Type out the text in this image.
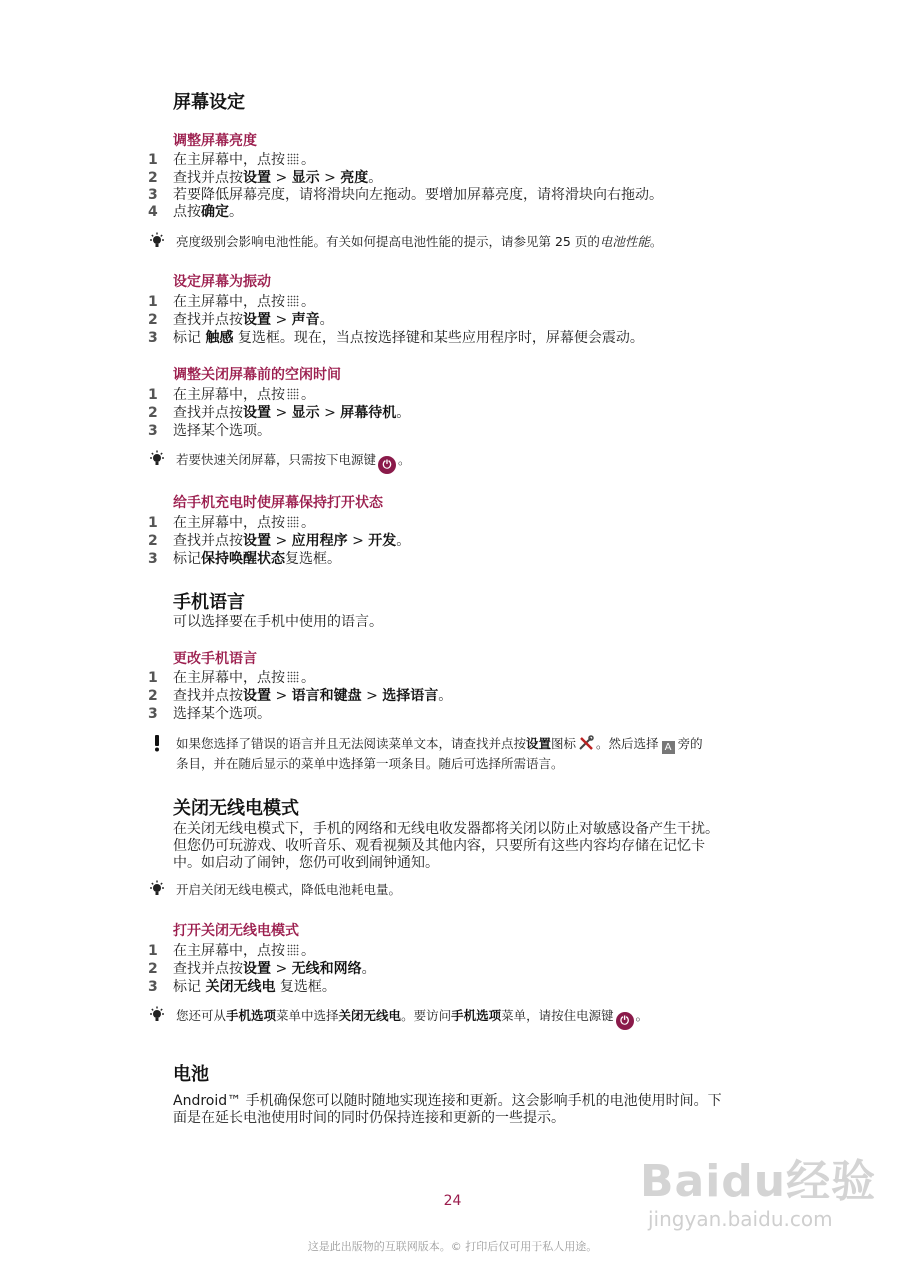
屏幕设定
调整屏幕亮度
1	在主屏幕中，点按 。
2	查找并点按设置 > 显示 > 亮度。
3	若要降低屏幕亮度，请将滑块向左拖动。要增加屏幕亮度，请将滑块向右拖动。
4	点按确定。
亮度级别会影响电池性能。有关如何提高电池性能的提示，请参见第 25 页的电池性能。
设定屏幕为振动
1	在主屏幕中，点按 。
2	查找并点按设置 > 声音。
3	标记 触感 复选框。现在，当点按选择键和某些应用程序时，屏幕便会震动。
调整关闭屏幕前的空闲时间
1	在主屏幕中，点按 。
2	查找并点按设置 > 显示 > 屏幕待机。
3	选择某个选项。
若要快速关闭屏幕，只需按下电源键 ⏻ 。
给手机充电时使屏幕保持打开状态
1	在主屏幕中，点按 。
2	查找并点按设置 > 应用程序 > 开发。
3	标记保持唤醒状态复选框。
手机语言
可以选择要在手机中使用的语言。
更改手机语言
1	在主屏幕中，点按 。
2	查找并点按设置 > 语言和键盘 > 选择语言。
3	选择某个选项。
如果您选择了错误的语言并且无法阅读菜单文本，请查找并点按设置图标 。然后选择 A 旁的
条目，并在随后显示的菜单中选择第一项条目。随后可选择所需语言。
关闭无线电模式
在关闭无线电模式下，手机的网络和无线电收发器都将关闭以防止对敏感设备产生干扰。
但您仍可玩游戏、收听音乐、观看视频及其他内容，只要所有这些内容均存储在记忆卡
中。如启动了闹钟，您仍可收到闹钟通知。
开启关闭无线电模式，降低电池耗电量。
打开关闭无线电模式
1	在主屏幕中，点按 。
2	查找并点按设置 > 无线和网络。
3	标记 关闭无线电 复选框。
您还可从手机选项菜单中选择关闭无线电。要访问手机选项菜单，请按住电源键 ⏻ 。
电池
Android™ 手机确保您可以随时随地实现连接和更新。这会影响手机的电池使用时间。下
面是在延长电池使用时间的同时仍保持连接和更新的一些提示。
Baidu经验
jingyan.baidu.com
24
这是此出版物的互联网版本。© 打印后仅可用于私人用途。
